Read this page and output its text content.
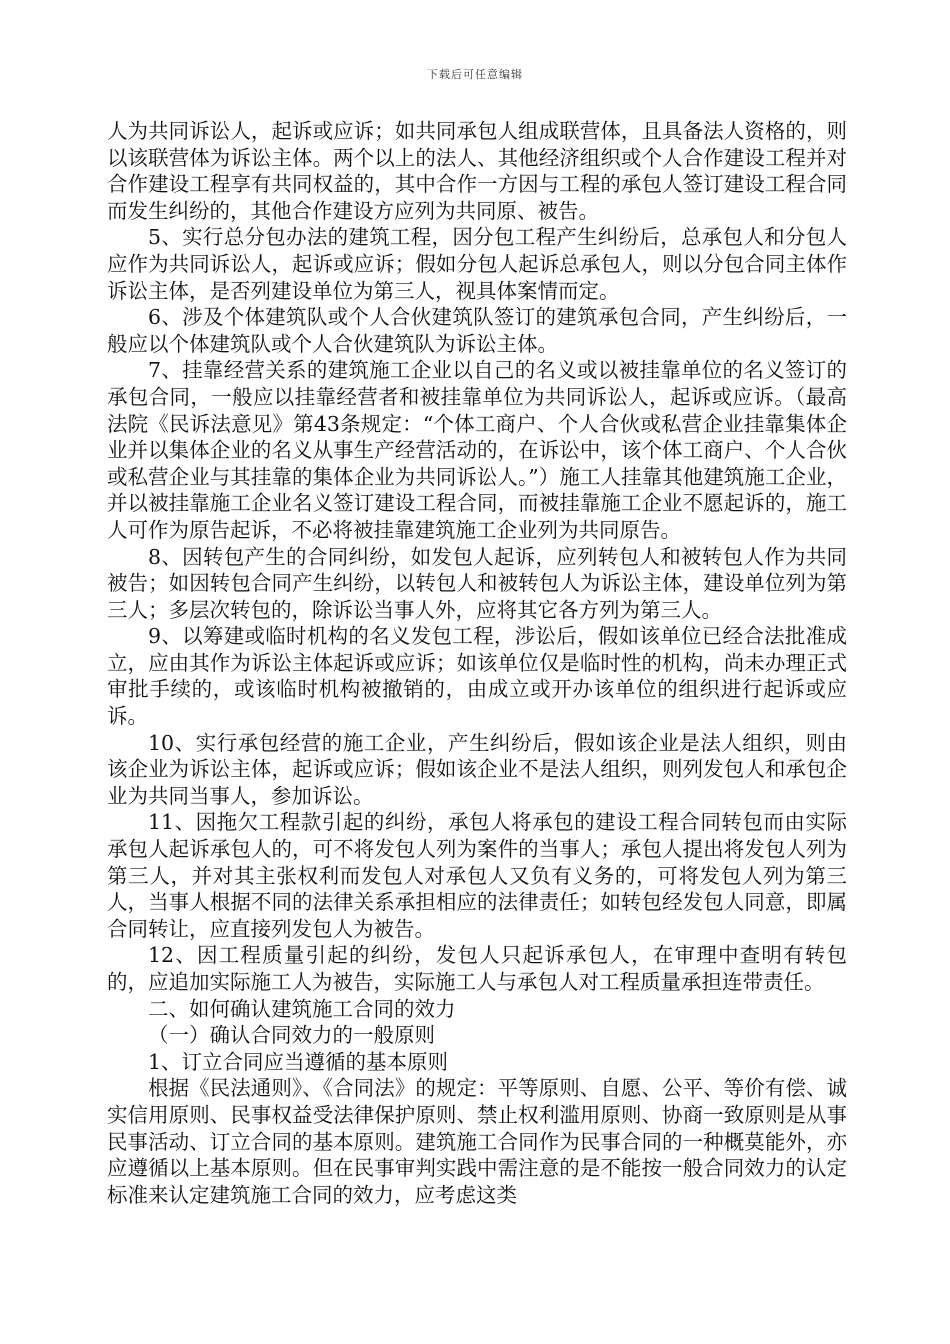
下载后可任意编辑

人为共同诉讼人，起诉或应诉；如共同承包人组成联营体，且具备法人资格的，则以该联营体为诉讼主体。两个以上的法人、其他经济组织或个人合作建设工程并对合作建设工程享有共同权益的，其中合作一方因与工程的承包人签订建设工程合同而发生纠纷的，其他合作建设方应列为共同原、被告。

5、实行总分包办法的建筑工程，因分包工程产生纠纷后，总承包人和分包人应作为共同诉讼人，起诉或应诉；假如分包人起诉总承包人，则以分包合同主体作诉讼主体，是否列建设单位为第三人，视具体案情而定。

6、涉及个体建筑队或个人合伙建筑队签订的建筑承包合同，产生纠纷后，一般应以个体建筑队或个人合伙建筑队为诉讼主体。

7、挂靠经营关系的建筑施工企业以自己的名义或以被挂靠单位的名义签订的承包合同，一般应以挂靠经营者和被挂靠单位为共同诉讼人，起诉或应诉。（最高法院《民诉法意见》第43条规定：“个体工商户、个人合伙或私营企业挂靠集体企业并以集体企业的名义从事生产经营活动的，在诉讼中，该个体工商户、个人合伙或私营企业与其挂靠的集体企业为共同诉讼人。”）施工人挂靠其他建筑施工企业，并以被挂靠施工企业名义签订建设工程合同，而被挂靠施工企业不愿起诉的，施工人可作为原告起诉，不必将被挂靠建筑施工企业列为共同原告。

8、因转包产生的合同纠纷，如发包人起诉，应列转包人和被转包人作为共同被告；如因转包合同产生纠纷，以转包人和被转包人为诉讼主体，建设单位列为第三人；多层次转包的，除诉讼当事人外，应将其它各方列为第三人。

9、以筹建或临时机构的名义发包工程，涉讼后，假如该单位已经合法批准成立，应由其作为诉讼主体起诉或应诉；如该单位仅是临时性的机构，尚未办理正式审批手续的，或该临时机构被撤销的，由成立或开办该单位的组织进行起诉或应诉。

10、实行承包经营的施工企业，产生纠纷后，假如该企业是法人组织，则由该企业为诉讼主体，起诉或应诉；假如该企业不是法人组织，则列发包人和承包企业为共同当事人，参加诉讼。

11、因拖欠工程款引起的纠纷，承包人将承包的建设工程合同转包而由实际承包人起诉承包人的，可不将发包人列为案件的当事人；承包人提出将发包人列为第三人，并对其主张权利而发包人对承包人又负有义务的，可将发包人列为第三人，当事人根据不同的法律关系承担相应的法律责任；如转包经发包人同意，即属合同转让，应直接列发包人为被告。

12、因工程质量引起的纠纷，发包人只起诉承包人，在审理中查明有转包的，应追加实际施工人为被告，实际施工人与承包人对工程质量承担连带责任。

二、如何确认建筑施工合同的效力

（一）确认合同效力的一般原则

1、订立合同应当遵循的基本原则

根据《民法通则》、《合同法》的规定：平等原则、自愿、公平、等价有偿、诚实信用原则、民事权益受法律保护原则、禁止权利滥用原则、协商一致原则是从事民事活动、订立合同的基本原则。建筑施工合同作为民事合同的一种概莫能外，亦应遵循以上基本原则。但在民事审判实践中需注意的是不能按一般合同效力的认定标准来认定建筑施工合同的效力，应考虑这类
